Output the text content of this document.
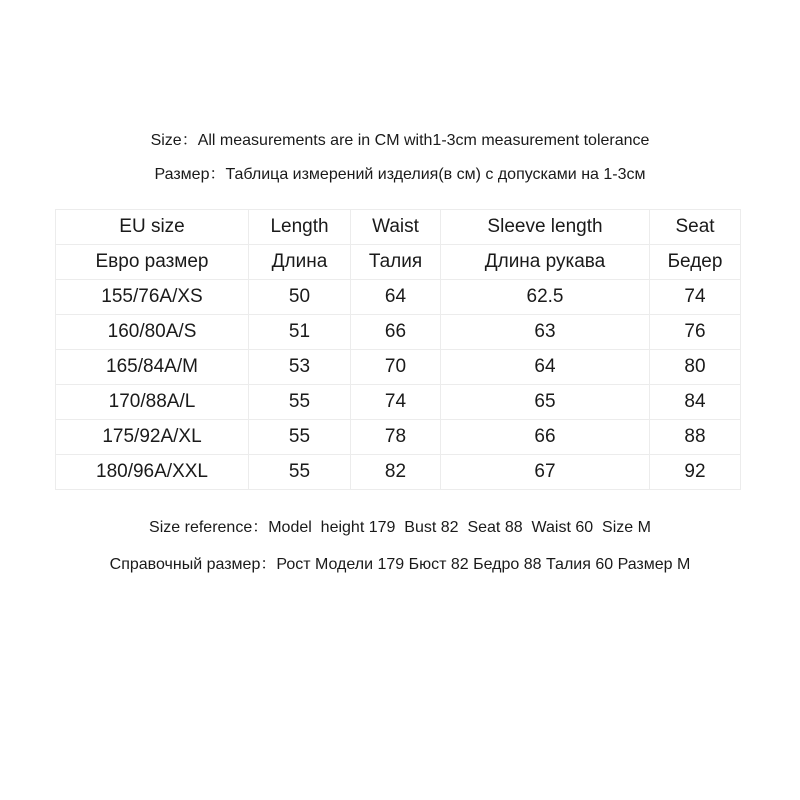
Size：All measurements are in CM with1-3cm measurement tolerance
Размер：Таблица измерений изделия(в см) с допусками на 1-3см
EU size	Length	Waist	Sleeve length	Seat
Евро размер	Длина	Талия	Длина рукава	Бедер
155/76A/XS	50	64	62.5	74
160/80A/S	51	66	63	76
165/84A/M	53	70	64	80
170/88A/L	55	74	65	84
175/92A/XL	55	78	66	88
180/96A/XXL	55	82	67	92
Size reference：Model  height 179  Bust 82  Seat 88  Waist 60  Size M
Справочный размер：Рост Модели 179 Бюст 82 Бедро 88 Талия 60 Размер M
